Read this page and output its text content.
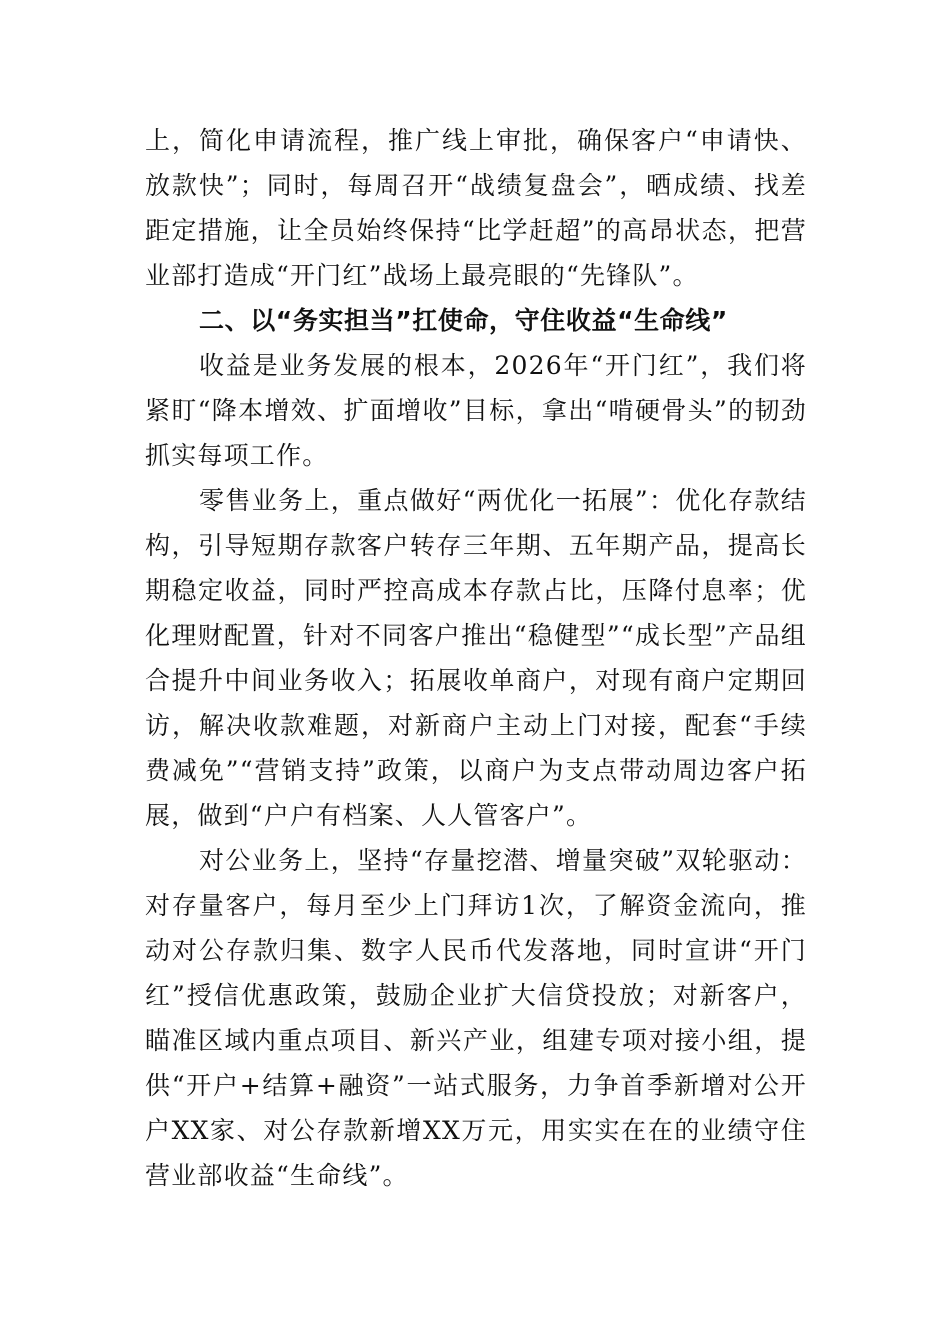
上，简化申请流程，推广线上审批，确保客户“申请快、放款快”；同时，每周召开“战绩复盘会”，晒成绩、找差距定措施，让全员始终保持“比学赶超”的高昂状态，把营业部打造成“开门红”战场上最亮眼的“先锋队”。

二、以“务实担当”扛使命，守住收益“生命线”

收益是业务发展的根本，2026年“开门红”，我们将紧盯“降本增效、扩面增收”目标，拿出“啃硬骨头”的韧劲抓实每项工作。

零售业务上，重点做好“两优化一拓展”：优化存款结构，引导短期存款客户转存三年期、五年期产品，提高长期稳定收益，同时严控高成本存款占比，压降付息率；优化理财配置，针对不同客户推出“稳健型”“成长型”产品组合提升中间业务收入；拓展收单商户，对现有商户定期回访，解决收款难题，对新商户主动上门对接，配套“手续费减免”“营销支持”政策，以商户为支点带动周边客户拓展，做到“户户有档案、人人管客户”。

对公业务上，坚持“存量挖潜、增量突破”双轮驱动：对存量客户，每月至少上门拜访1次，了解资金流向，推动对公存款归集、数字人民币代发落地，同时宣讲“开门红”授信优惠政策，鼓励企业扩大信贷投放；对新客户，瞄准区域内重点项目、新兴产业，组建专项对接小组，提供“开户+结算+融资”一站式服务，力争首季新增对公开户XX家、对公存款新增XX万元，用实实在在的业绩守住营业部收益“生命线”。
